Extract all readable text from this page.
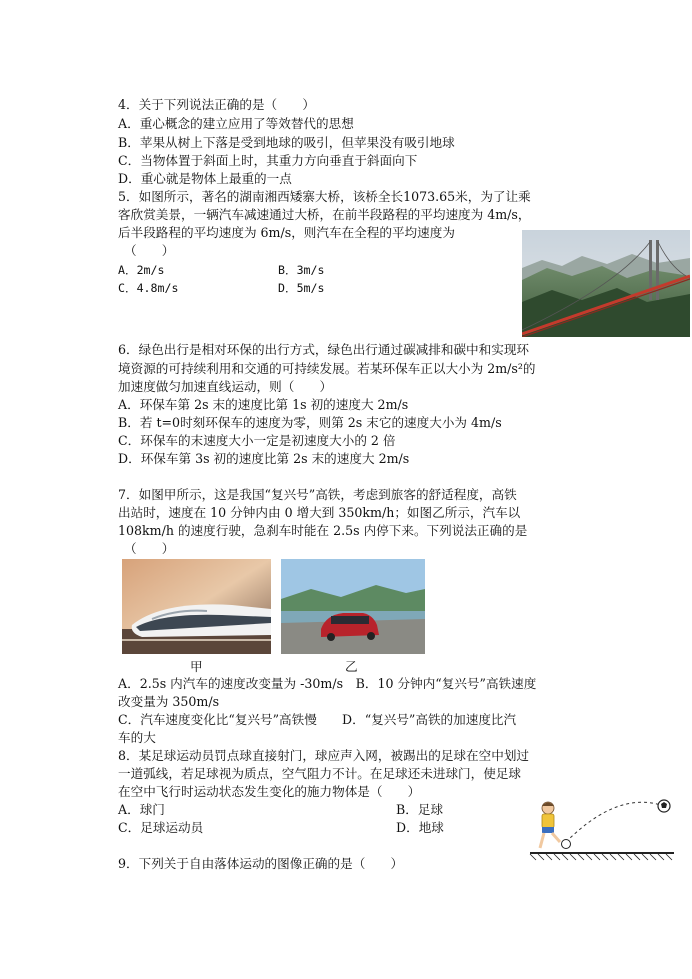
4．关于下列说法正确的是（　　）
A．重心概念的建立应用了等效替代的思想
B．苹果从树上下落是受到地球的吸引，但苹果没有吸引地球
C．当物体置于斜面上时，其重力方向垂直于斜面向下
D．重心就是物体上最重的一点
5．如图所示，著名的湖南湘西矮寨大桥，该桥全长1073.65米，为了让乘
客欣赏美景，一辆汽车减速通过大桥，在前半段路程的平均速度为 4m/s，
后半段路程的平均速度为 6m/s，则汽车在全程的平均速度为
（　　）
A．2m/s	B．3m/s
C．4.8m/s	D．5m/s
6．绿色出行是相对环保的出行方式，绿色出行通过碳减排和碳中和实现环
境资源的可持续利用和交通的可持续发展。若某环保车正以大小为 2m/s²的
加速度做匀加速直线运动，则（　　）
A．环保车第 2s 末的速度比第 1s 初的速度大 2m/s
B．若 t=0时刻环保车的速度为零，则第 2s 末它的速度大小为 4m/s
C．环保车的末速度大小一定是初速度大小的 2 倍
D．环保车第 3s 初的速度比第 2s 末的速度大 2m/s
7．如图甲所示，这是我国“复兴号”高铁，考虑到旅客的舒适程度，高铁
出站时，速度在 10 分钟内由 0 增大到 350km/h；如图乙所示，汽车以
108km/h 的速度行驶，急刹车时能在 2.5s 内停下来。下列说法正确的是
（　　）
甲	乙
A．2.5s 内汽车的速度改变量为 -30m/s　B．10 分钟内“复兴号”高铁速度
改变量为 350m/s
C．汽车速度变化比“复兴号”高铁慢　　D．“复兴号”高铁的加速度比汽
车的大
8．某足球运动员罚点球直接射门，球应声入网，被踢出的足球在空中划过
一道弧线，若足球视为质点，空气阻力不计。在足球还未进球门，使足球
在空中飞行时运动状态发生变化的施力物体是（　　）
A．球门	B．足球
C．足球运动员	D．地球
9．下列关于自由落体运动的图像正确的是（　　）
